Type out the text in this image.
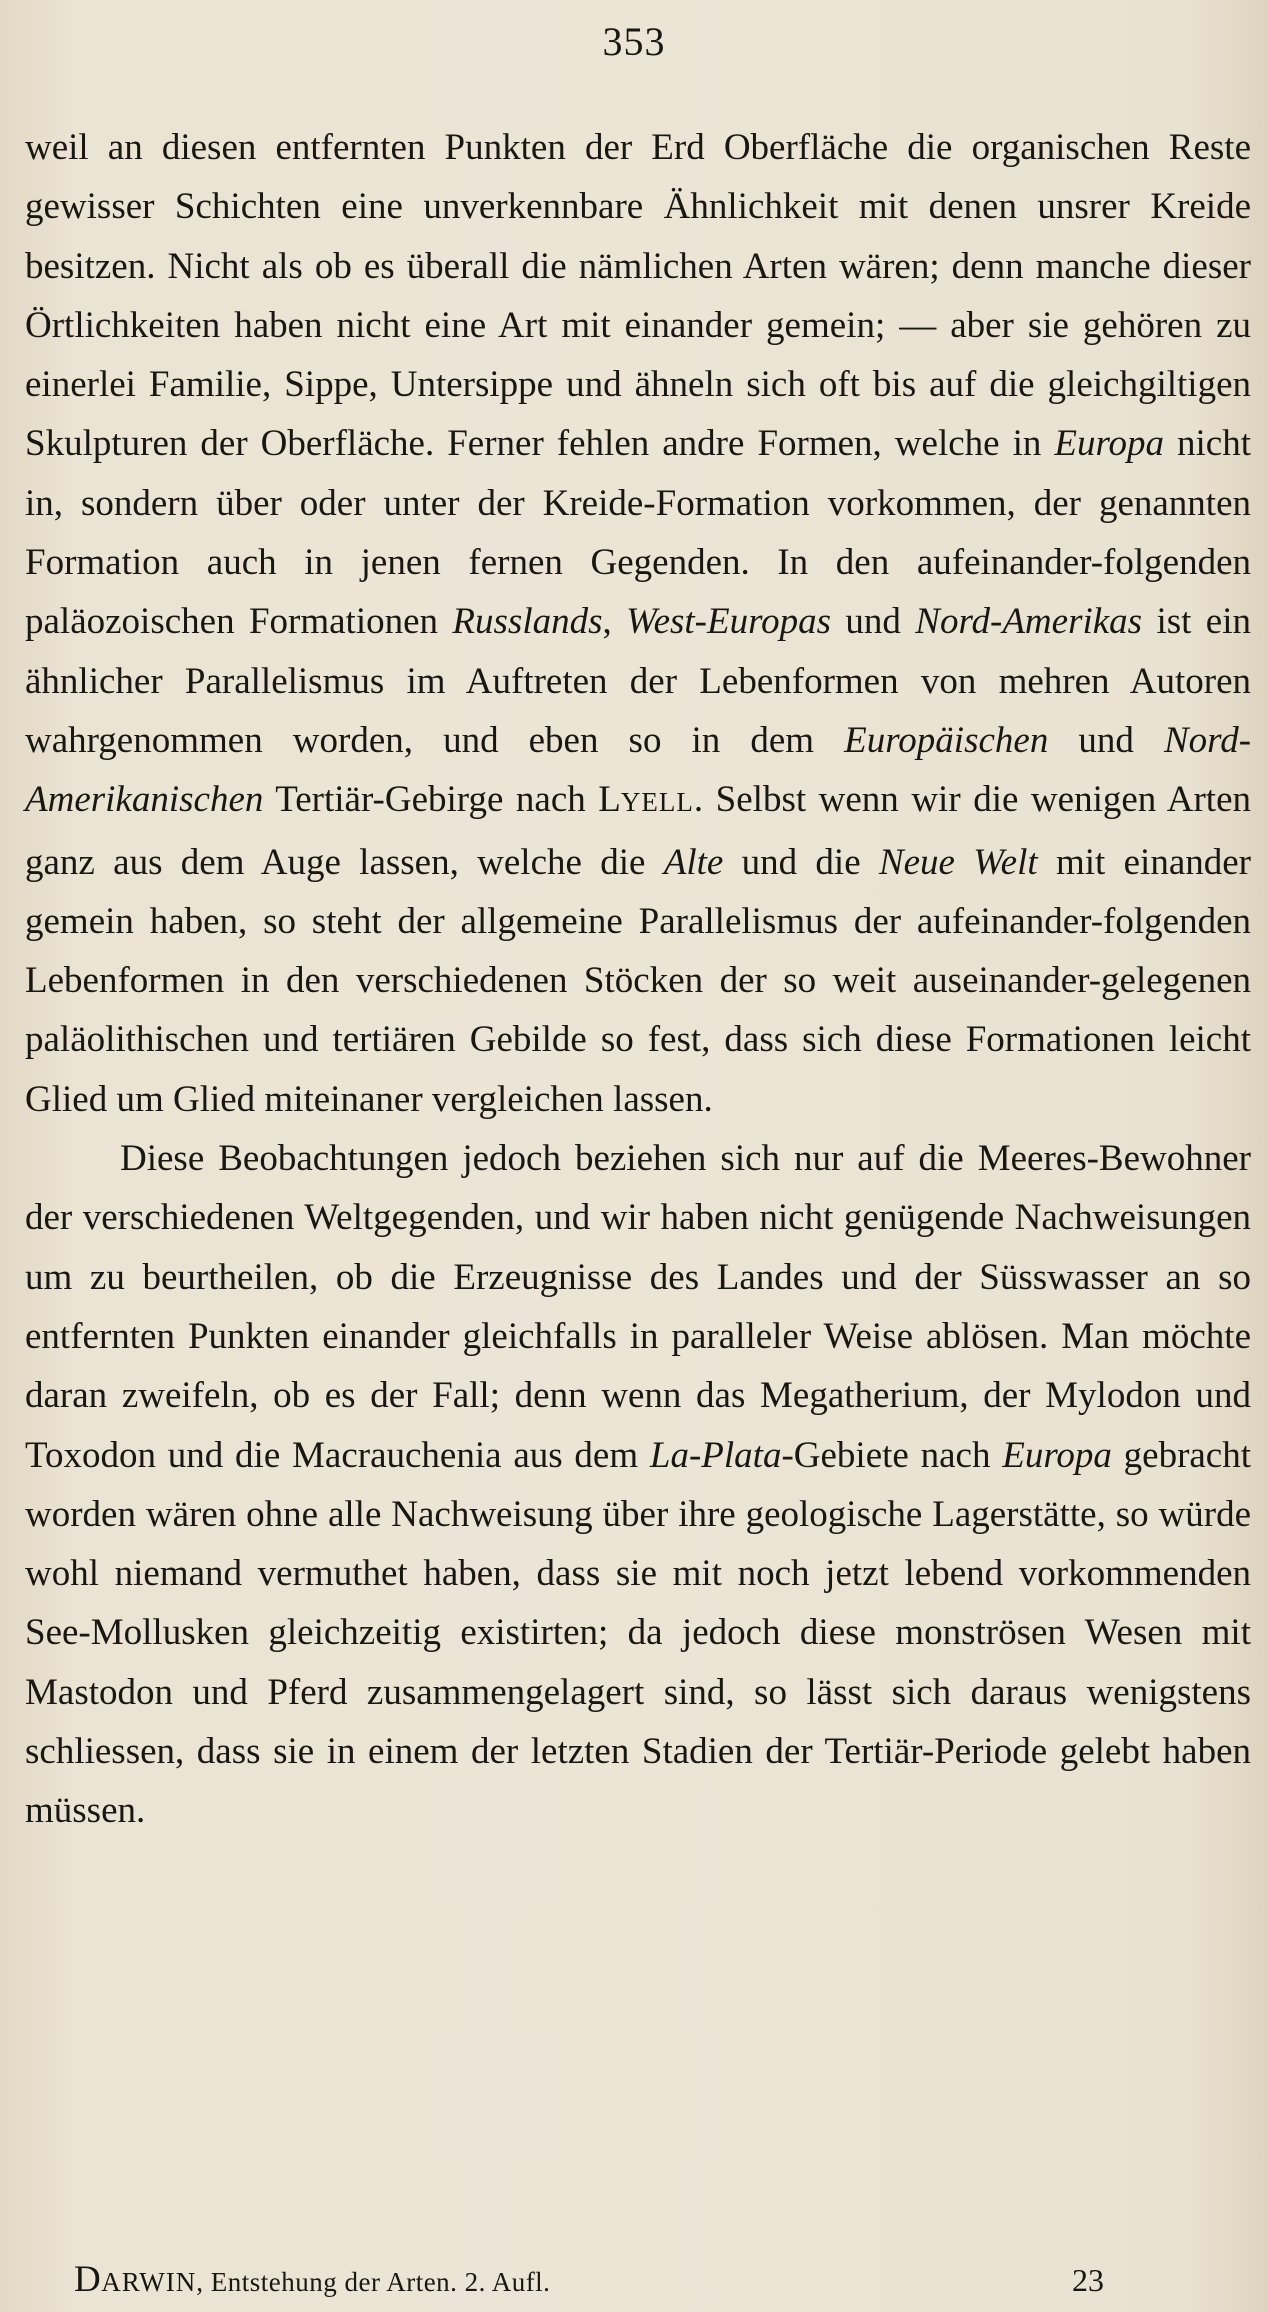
353

weil an diesen entfernten Punkten der Erd Oberfläche die organischen Reste gewisser Schichten eine unverkennbare Ähnlichkeit mit denen unsrer Kreide besitzen. Nicht als ob es überall die nämlichen Arten wären; denn manche dieser Örtlichkeiten haben nicht eine Art mit einander gemein; — aber sie gehören zu einerlei Familie, Sippe, Untersippe und ähneln sich oft bis auf die gleichgiltigen Skulpturen der Oberfläche. Ferner fehlen andre Formen, welche in Europa nicht in, sondern über oder unter der Kreide-Formation vorkommen, der genannten Formation auch in jenen fernen Gegenden. In den aufeinander-folgenden paläozoischen Formationen Russlands, West-Europas und Nord-Amerikas ist ein ähnlicher Parallelismus im Auftreten der Lebenformen von mehren Autoren wahrgenommen worden, und eben so in dem Europäischen und Nord-Amerikanischen Tertiär-Gebirge nach LYELL. Selbst wenn wir die wenigen Arten ganz aus dem Auge lassen, welche die Alte und die Neue Welt mit einander gemein haben, so steht der allgemeine Parallelismus der aufeinander-folgenden Lebenformen in den verschiedenen Stöcken der so weit auseinander-gelegenen paläolithischen und tertiären Gebilde so fest, dass sich diese Formationen leicht Glied um Glied miteinaner vergleichen lassen.

Diese Beobachtungen jedoch beziehen sich nur auf die Meeres-Bewohner der verschiedenen Weltgegenden, und wir haben nicht genügende Nachweisungen um zu beurtheilen, ob die Erzeugnisse des Landes und der Süsswasser an so entfernten Punkten einander gleichfalls in paralleler Weise ablösen. Man möchte daran zweifeln, ob es der Fall; denn wenn das Megatherium, der Mylodon und Toxodon und die Macrauchenia aus dem La-Plata-Gebiete nach Europa gebracht worden wären ohne alle Nachweisung über ihre geologische Lagerstätte, so würde wohl niemand vermuthet haben, dass sie mit noch jetzt lebend vorkommenden See-Mollusken gleichzeitig existirten; da jedoch diese monströsen Wesen mit Mastodon und Pferd zusammengelagert sind, so lässt sich daraus wenigstens schliessen, dass sie in einem der letzten Stadien der Tertiär-Periode gelebt haben müssen.

DARWIN, Entstehung der Arten. 2. Aufl.	23
